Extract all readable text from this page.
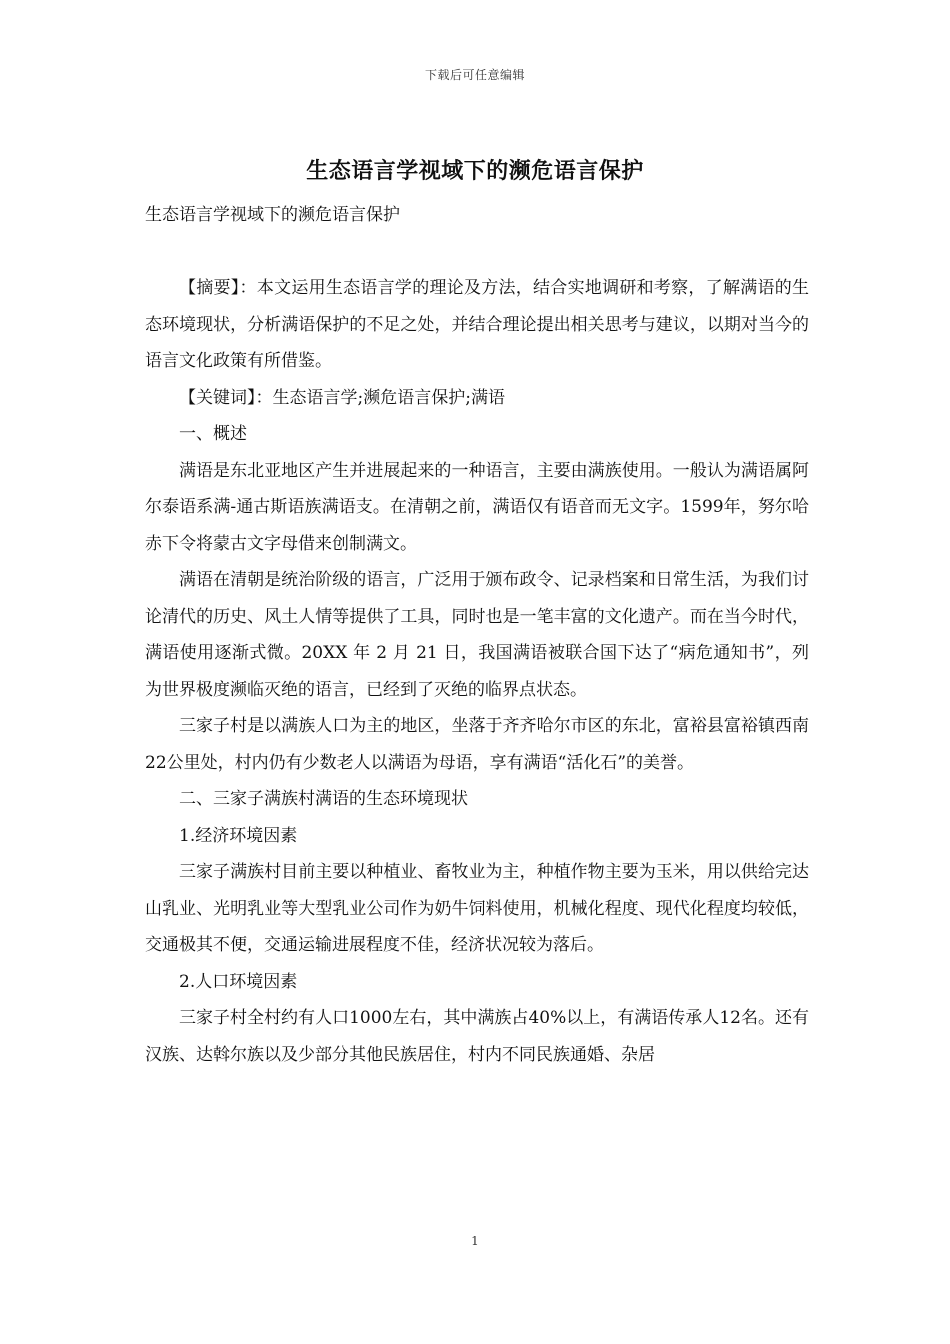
下载后可任意编辑
生态语言学视域下的濒危语言保护
生态语言学视域下的濒危语言保护

【摘要】：本文运用生态语言学的理论及方法，结合实地调研和考察，了解满语的生态环境现状，分析满语保护的不足之处，并结合理论提出相关思考与建议，以期对当今的语言文化政策有所借鉴。

【关键词】：生态语言学;濒危语言保护;满语

一、概述

满语是东北亚地区产生并进展起来的一种语言，主要由满族使用。一般认为满语属阿尔泰语系满-通古斯语族满语支。在清朝之前，满语仅有语音而无文字。1599年，努尔哈赤下令将蒙古文字母借来创制满文。

满语在清朝是统治阶级的语言，广泛用于颁布政令、记录档案和日常生活，为我们讨论清代的历史、风土人情等提供了工具，同时也是一笔丰富的文化遗产。而在当今时代，满语使用逐渐式微。20XX 年 2 月 21 日，我国满语被联合国下达了“病危通知书”，列为世界极度濒临灭绝的语言，已经到了灭绝的临界点状态。

三家子村是以满族人口为主的地区，坐落于齐齐哈尔市区的东北，富裕县富裕镇西南22公里处，村内仍有少数老人以满语为母语，享有满语“活化石”的美誉。

二、三家子满族村满语的生态环境现状

1.经济环境因素

三家子满族村目前主要以种植业、畜牧业为主，种植作物主要为玉米，用以供给完达山乳业、光明乳业等大型乳业公司作为奶牛饲料使用，机械化程度、现代化程度均较低，交通极其不便，交通运输进展程度不佳，经济状况较为落后。

2.人口环境因素

三家子村全村约有人口1000左右，其中满族占40%以上，有满语传承人12名。还有汉族、达斡尔族以及少部分其他民族居住，村内不同民族通婚、杂居

1
